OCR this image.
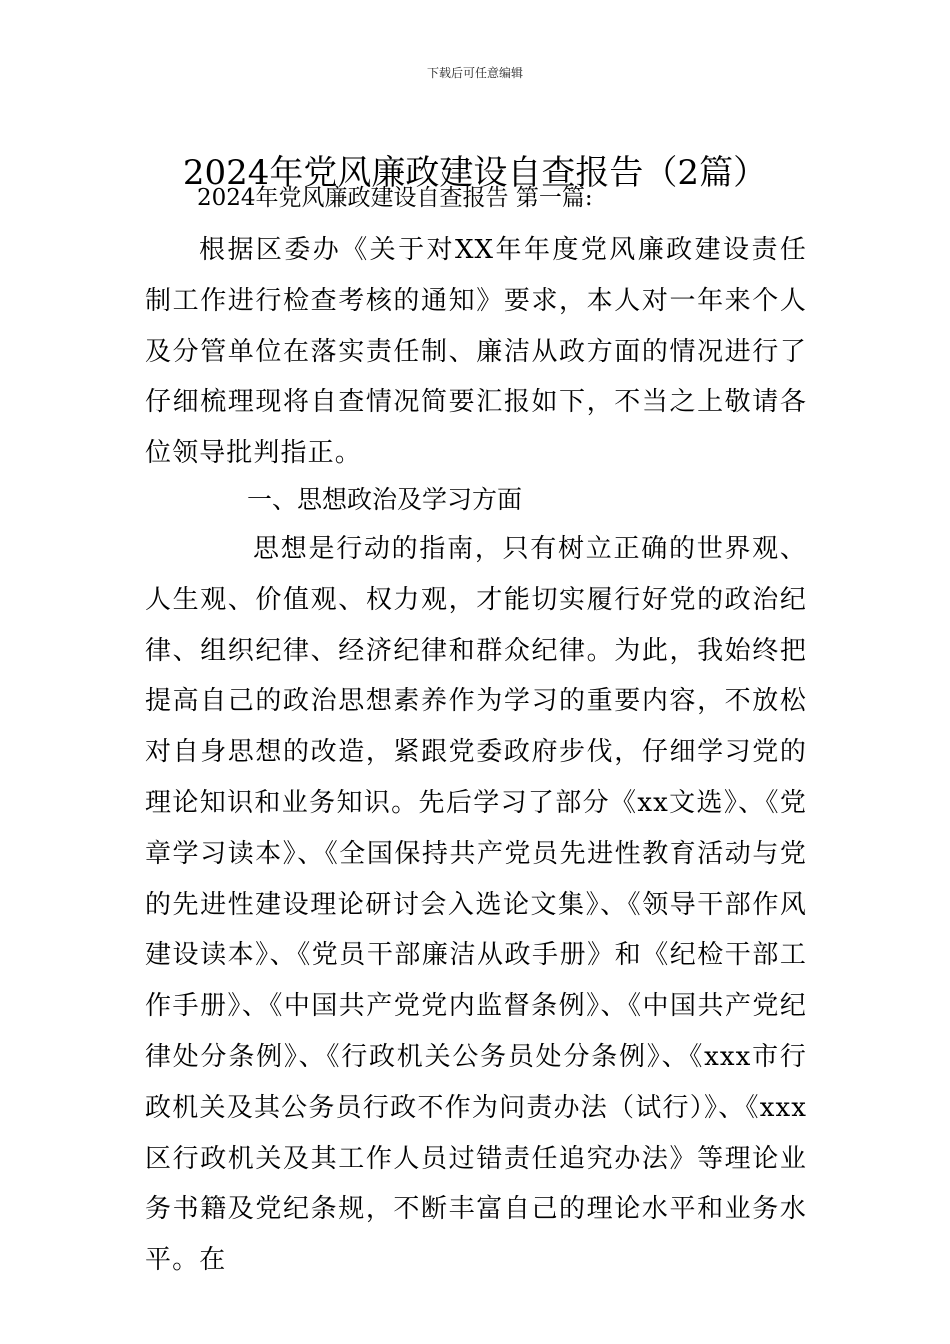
下载后可任意编辑
2024年党风廉政建设自查报告（2篇）
2024年党风廉政建设自查报告 第一篇:

根据区委办《关于对XX年年度党风廉政建设责任制工作进行检查考核的通知》要求，本人对一年来个人及分管单位在落实责任制、廉洁从政方面的情况进行了仔细梳理现将自查情况简要汇报如下，不当之上敬请各位领导批判指正。

一、思想政治及学习方面

思想是行动的指南，只有树立正确的世界观、人生观、价值观、权力观，才能切实履行好党的政治纪律、组织纪律、经济纪律和群众纪律。为此，我始终把提高自己的政治思想素养作为学习的重要内容，不放松对自身思想的改造，紧跟党委政府步伐，仔细学习党的理论知识和业务知识。先后学习了部分《xx文选》、《党章学习读本》、《全国保持共产党员先进性教育活动与党的先进性建设理论研讨会入选论文集》、《领导干部作风建设读本》、《党员干部廉洁从政手册》和《纪检干部工作手册》、《中国共产党党内监督条例》、《中国共产党纪律处分条例》、《行政机关公务员处分条例》、《xxx市行政机关及其公务员行政不作为问责办法（试行）》、《xxx区行政机关及其工作人员过错责任追究办法》等理论业务书籍及党纪条规，不断丰富自己的理论水平和业务水平。在
